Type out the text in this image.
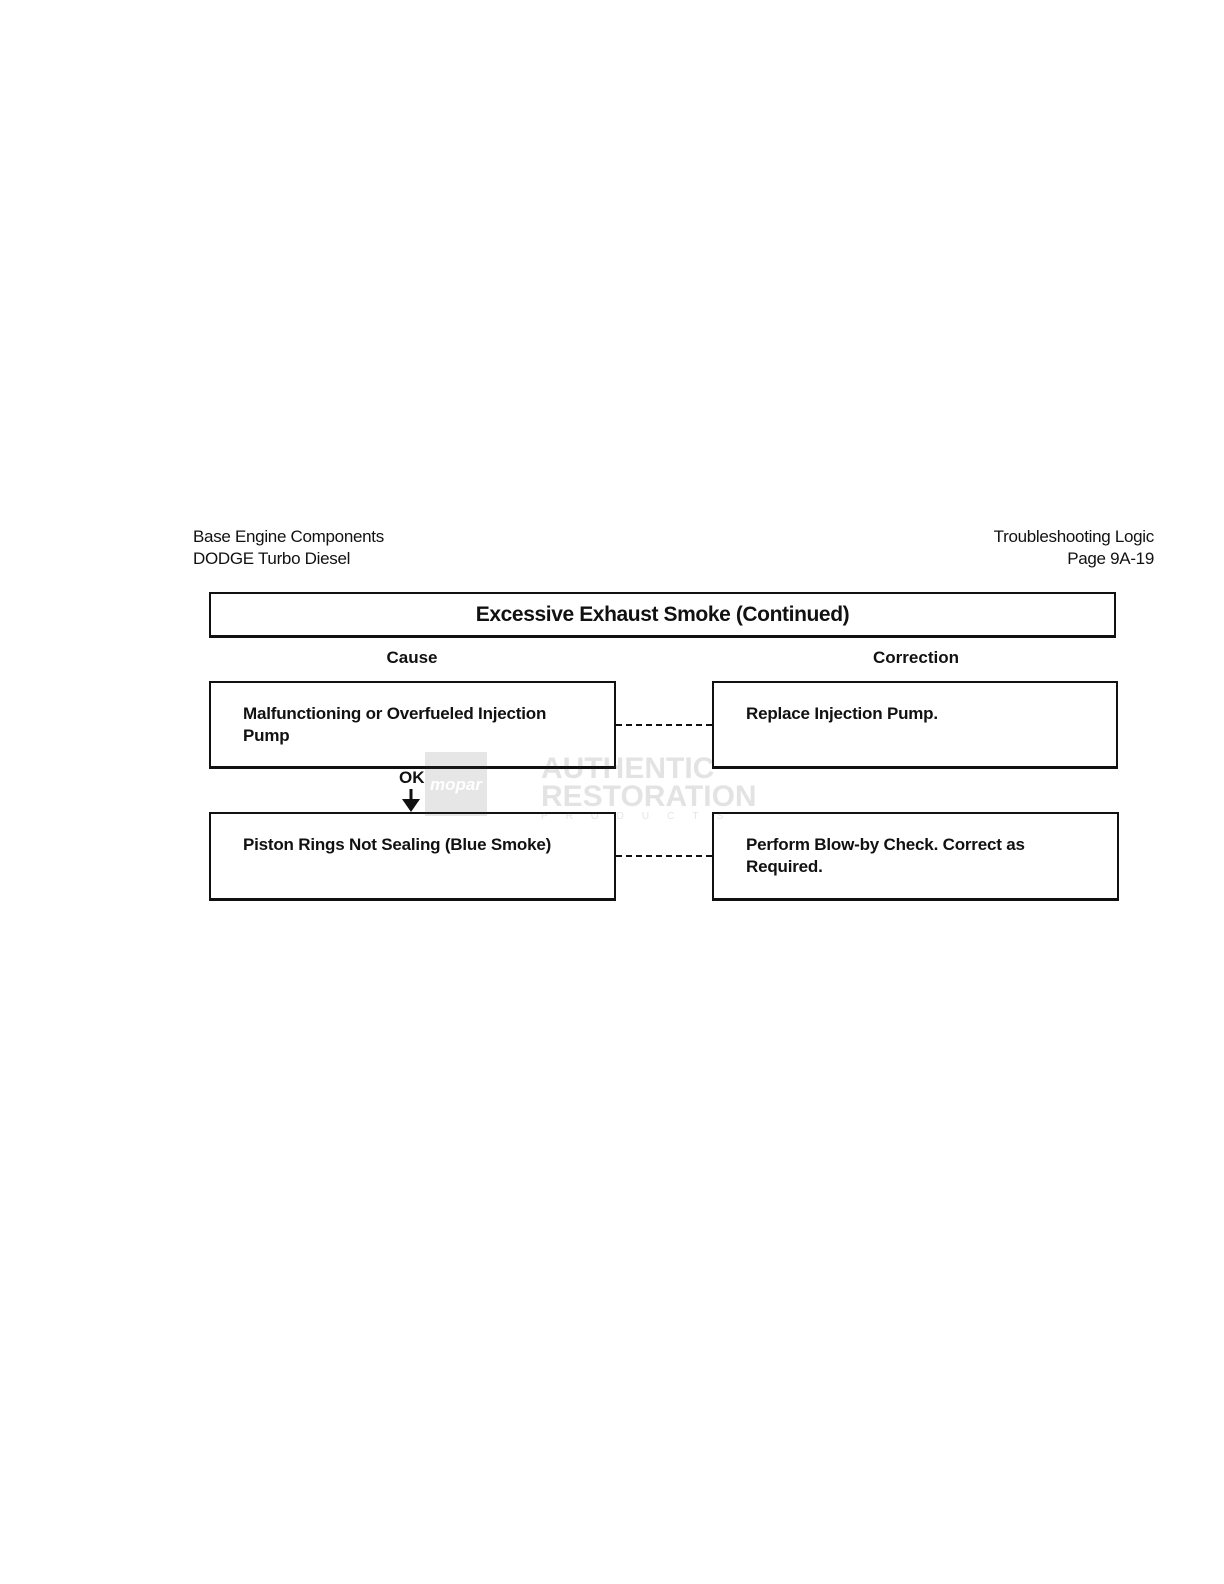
Base Engine Components
DODGE Turbo Diesel
Troubleshooting Logic
Page 9A-19
Excessive Exhaust Smoke (Continued)
Cause	Correction
Malfunctioning or Overfueled Injection Pump
Replace Injection Pump.
OK
Piston Rings Not Sealing (Blue Smoke)	Perform Blow-by Check. Correct as Required.
mopar AUTHENTIC
RESTORATION
PRODUCTS
